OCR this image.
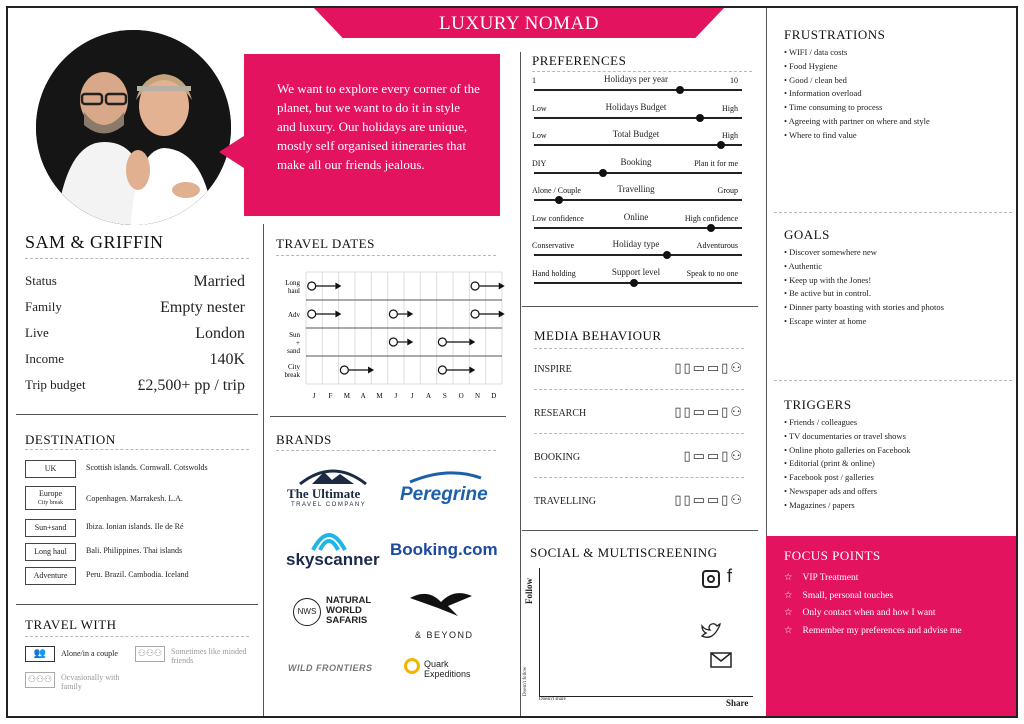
LUXURY NOMAD
We want to explore every corner of the planet, but we want to do it in style and luxury. Our holidays are unique, mostly self organised itineraries that make all our friends jealous.
SAM & GRIFFIN
DESTINATION
TRAVEL WITH
👥	Alone/in a couple	⚇⚇⚇	Sometimes like minded friends
⚇⚇⚇	Ocvasionally with family
TRAVEL DATES
Long
haul
Adv
Sun
+
sand
City
break
J F M A M J J A S O N D
BRANDS
The Ultimate
TRAVEL COMPANY Peregrine
skyscanner
Booking.com
NWS
NATURAL WORLD SAFARIS
& BEYOND
WILD FRONTIERS	Quark Expeditions
PREFERENCES
MEDIA BEHAVIOUR
SOCIAL & MULTISCREENING
Follow
Share
Doesn't share
Doesn't follow
f
FRUSTRATIONS
• WIFI / data costs
• Food Hygiene
• Good / clean bed
• Information overload
• Time consuming to process
• Agreeing with partner on where and style
• Where to find value
GOALS
• Discover somewhere new
• Authentic
• Keep up with the Jones!
• Be active but in control.
• Dinner party boasting with stories and photos
• Escape winter at home
TRIGGERS
• Friends / colleagues
• TV documentaries or travel shows
• Online photo galleries on Facebook
• Editorial (print & online)
• Facebook post / galleries
• Newspaper ads and offers
• Magazines / papers
FOCUS POINTS
☆ VIP Treatment
☆ Small, personal touches
☆ Only contact when and how I want
☆ Remember my preferences and advise me
Status	Married
Family	Empty nester
Live	London
Income	140K
Trip budget	£2,500+ pp / trip
UK	Scottish islands. Cornwall. Cotswolds
Europe
City break	Copenhagen. Marrakesh. L.A.
Sun+sand	Ibiza. Ionian islands. Ile de Ré
Long haul	Bali. Philippines. Thai islands
Adventure	Peru. Brazil. Cambodia. Iceland
Holidays per year
1	10
Holidays Budget
Low	High
Total Budget
Low	High
Booking
DIY	Plan it for me
Travelling
Alone / Couple	Group
Online
Low confidence	High confidence
Holiday type
Conservative	Adventurous
Support level
Hand holding	Speak to no one
INSPIRE	▯▯▭▭▯⚇
RESEARCH	▯▯▭▭▯⚇
BOOKING	▯▭▭▯⚇
TRAVELLING	▯▯▭▭▯⚇
